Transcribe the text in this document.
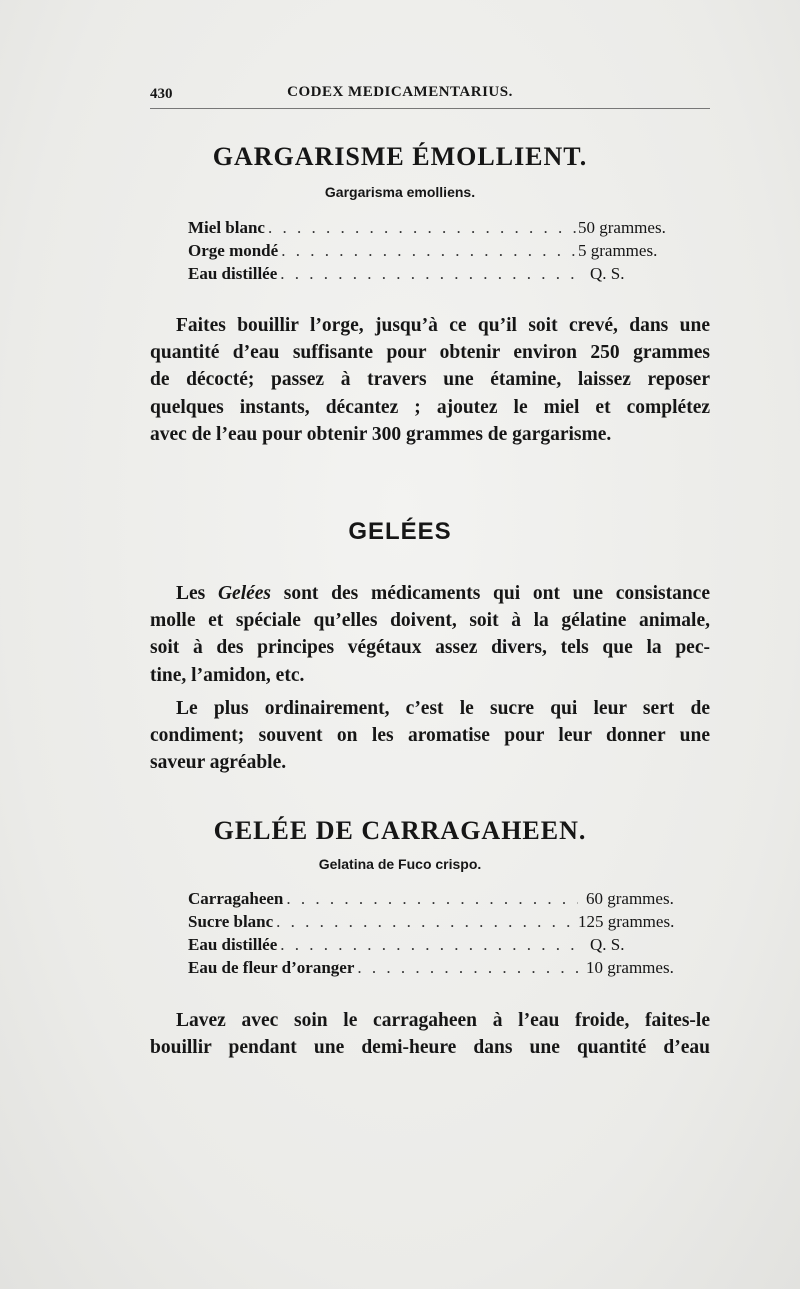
CODEX MEDICAMENTARIUS.
430
GARGARISME ÉMOLLIENT.
Gargarisma emolliens.
Miel blanc . . .	50 grammes.
Orge mondé . . .	5 grammes.
Eau distillée . . .	Q. S.
Faites bouillir l’orge, jusqu’à ce qu’il soit crevé, dans une
quantité d’eau suffisante pour obtenir environ 250 grammes
de décocté; passez à travers une étamine, laissez reposer
quelques instants, décantez ; ajoutez le miel et complétez
avec de l’eau pour obtenir 300 grammes de gargarisme.
GELÉES
Les Gelées sont des médicaments qui ont une consistance
molle et spéciale qu’elles doivent, soit à la gélatine animale,
soit à des principes végétaux assez divers, tels que la pec-
tine, l’amidon, etc.
Le plus ordinairement, c’est le sucre qui leur sert de
condiment; souvent on les aromatise pour leur donner une
saveur agréable.
GELÉE DE CARRAGAHEEN.
Gelatina de Fuco crispo.
Carragaheen . . .	60 grammes.
Sucre blanc . . .	125 grammes.
Eau distillée . . .	Q. S.
Eau de fleur d’oranger . . .	10 grammes.
Lavez avec soin le carragaheen à l’eau froide, faites-le
bouillir pendant une demi-heure dans une quantité d’eau
